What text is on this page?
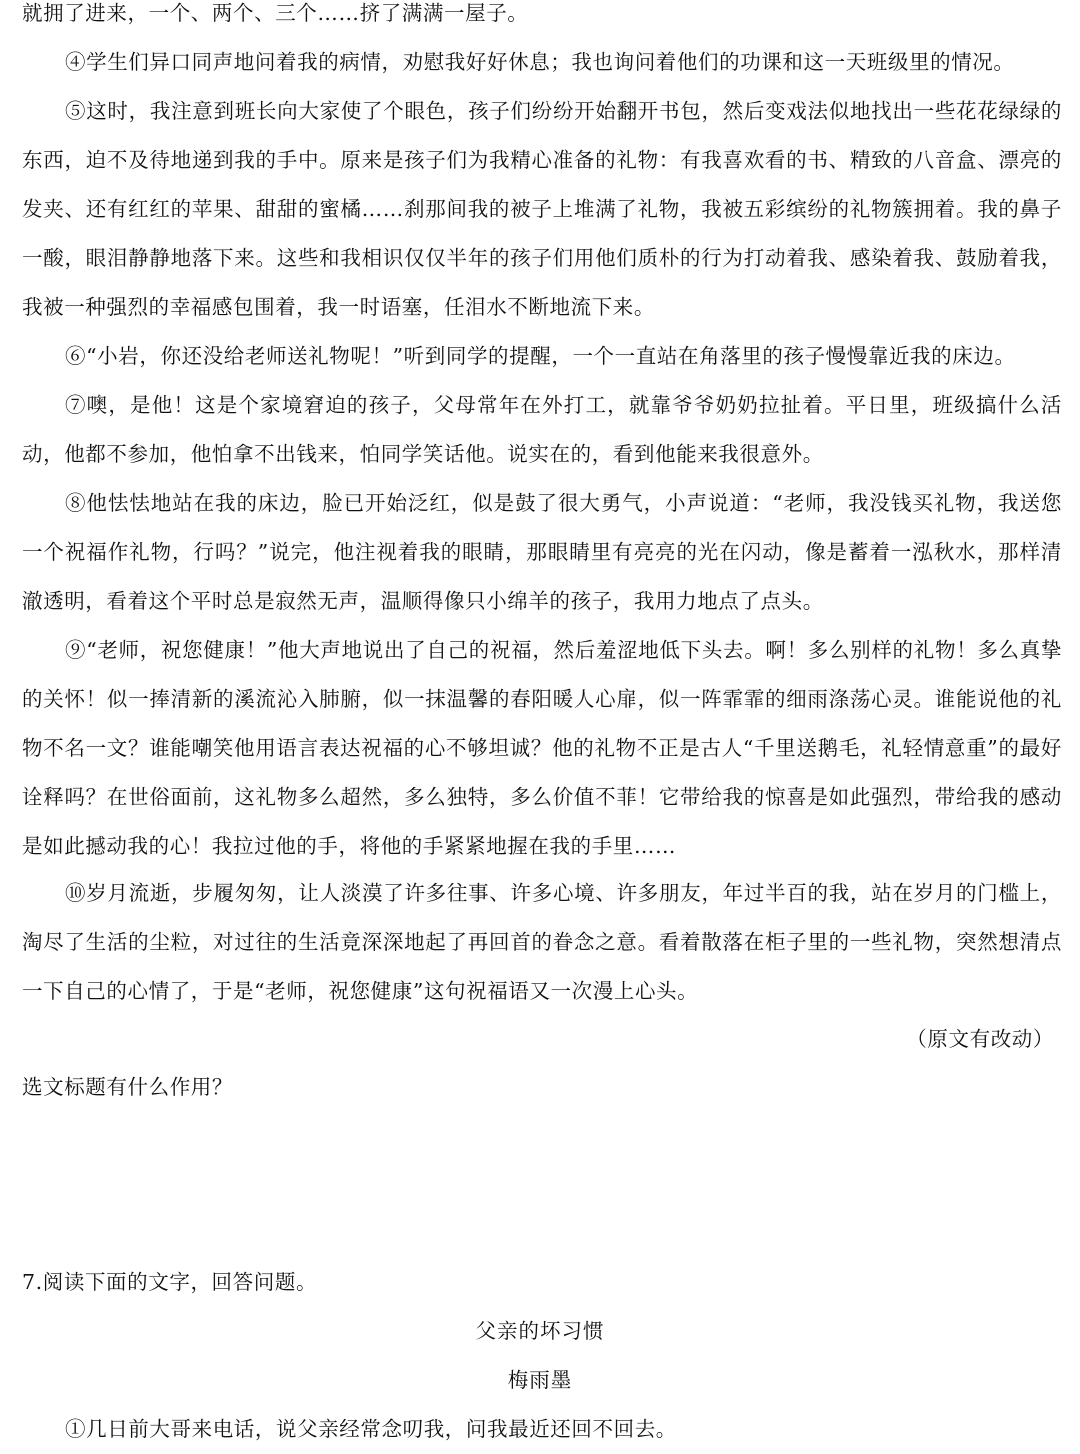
就拥了进来，一个、两个、三个……挤了满满一屋子。

④学生们异口同声地问着我的病情，劝慰我好好休息；我也询问着他们的功课和这一天班级里的情况。

⑤这时，我注意到班长向大家使了个眼色，孩子们纷纷开始翻开书包，然后变戏法似地找出一些花花绿绿的东西，迫不及待地递到我的手中。原来是孩子们为我精心准备的礼物：有我喜欢看的书、精致的八音盒、漂亮的发夹、还有红红的苹果、甜甜的蜜橘……刹那间我的被子上堆满了礼物，我被五彩缤纷的礼物簇拥着。我的鼻子一酸，眼泪静静地落下来。这些和我相识仅仅半年的孩子们用他们质朴的行为打动着我、感染着我、鼓励着我，我被一种强烈的幸福感包围着，我一时语塞，任泪水不断地流下来。

⑥“小岩，你还没给老师送礼物呢！”听到同学的提醒，一个一直站在角落里的孩子慢慢靠近我的床边。

⑦噢，是他！这是个家境窘迫的孩子，父母常年在外打工，就靠爷爷奶奶拉扯着。平日里，班级搞什么活动，他都不参加，他怕拿不出钱来，怕同学笑话他。说实在的，看到他能来我很意外。

⑧他怯怯地站在我的床边，脸已开始泛红，似是鼓了很大勇气，小声说道：“老师，我没钱买礼物，我送您一个祝福作礼物，行吗？”说完，他注视着我的眼睛，那眼睛里有亮亮的光在闪动，像是蓄着一泓秋水，那样清澈透明，看着这个平时总是寂然无声，温顺得像只小绵羊的孩子，我用力地点了点头。

⑨“老师，祝您健康！”他大声地说出了自己的祝福，然后羞涩地低下头去。啊！多么别样的礼物！多么真挚的关怀！似一捧清新的溪流沁入肺腑，似一抹温馨的春阳暖人心扉，似一阵霏霏的细雨涤荡心灵。谁能说他的礼物不名一文？谁能嘲笑他用语言表达祝福的心不够坦诚？他的礼物不正是古人“千里送鹅毛，礼轻情意重”的最好诠释吗？在世俗面前，这礼物多么超然，多么独特，多么价值不菲！它带给我的惊喜是如此强烈，带给我的感动是如此撼动我的心！我拉过他的手，将他的手紧紧地握在我的手里……

⑩岁月流逝，步履匆匆，让人淡漠了许多往事、许多心境、许多朋友，年过半百的我，站在岁月的门槛上，淘尽了生活的尘粒，对过往的生活竟深深地起了再回首的眷念之意。看着散落在柜子里的一些礼物，突然想清点一下自己的心情了，于是“老师，祝您健康”这句祝福语又一次漫上心头。

（原文有改动）

选文标题有什么作用？

7.阅读下面的文字，回答问题。

父亲的坏习惯

梅雨墨

①几日前大哥来电话，说父亲经常念叨我，问我最近还回不回去。
